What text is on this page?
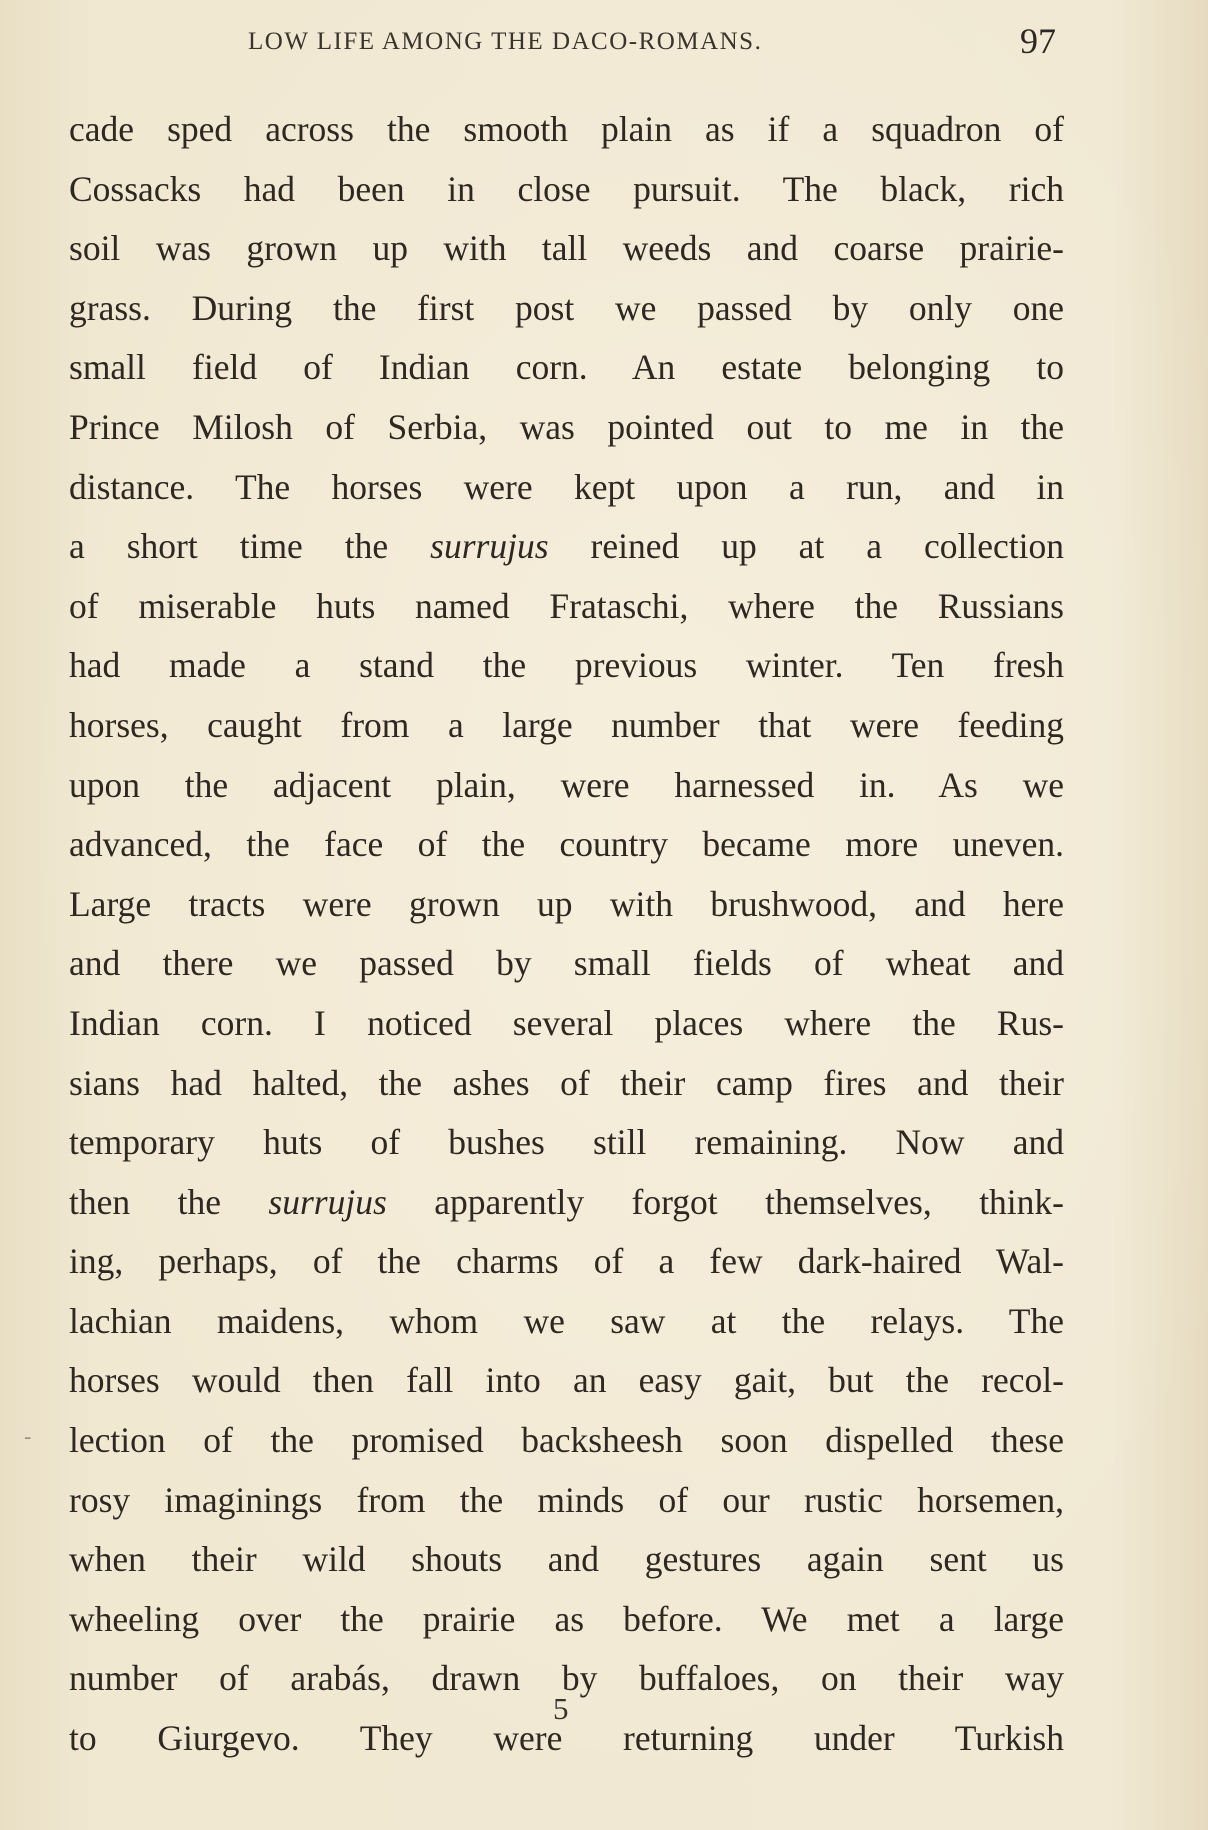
LOW LIFE AMONG THE DACO-ROMANS.	97
cade sped across the smooth plain as if a squadron of
Cossacks had been in close pursuit. The black, rich
soil was grown up with tall weeds and coarse prairie-
grass. During the first post we passed by only one
small field of Indian corn. An estate belonging to
Prince Milosh of Serbia, was pointed out to me in the
distance. The horses were kept upon a run, and in
a short time the surrujus reined up at a collection
of miserable huts named Frataschi, where the Russians
had made a stand the previous winter. Ten fresh
horses, caught from a large number that were feeding
upon the adjacent plain, were harnessed in. As we
advanced, the face of the country became more uneven.
Large tracts were grown up with brushwood, and here
and there we passed by small fields of wheat and
Indian corn. I noticed several places where the Rus-
sians had halted, the ashes of their camp fires and their
temporary huts of bushes still remaining. Now and
then the surrujus apparently forgot themselves, think-
ing, perhaps, of the charms of a few dark-haired Wal-
lachian maidens, whom we saw at the relays. The
horses would then fall into an easy gait, but the recol-
lection of the promised backsheesh soon dispelled these
rosy imaginings from the minds of our rustic horsemen,
when their wild shouts and gestures again sent us
wheeling over the prairie as before. We met a large
number of arabás, drawn by buffaloes, on their way
to Giurgevo. They were returning under Turkish
‐
5
